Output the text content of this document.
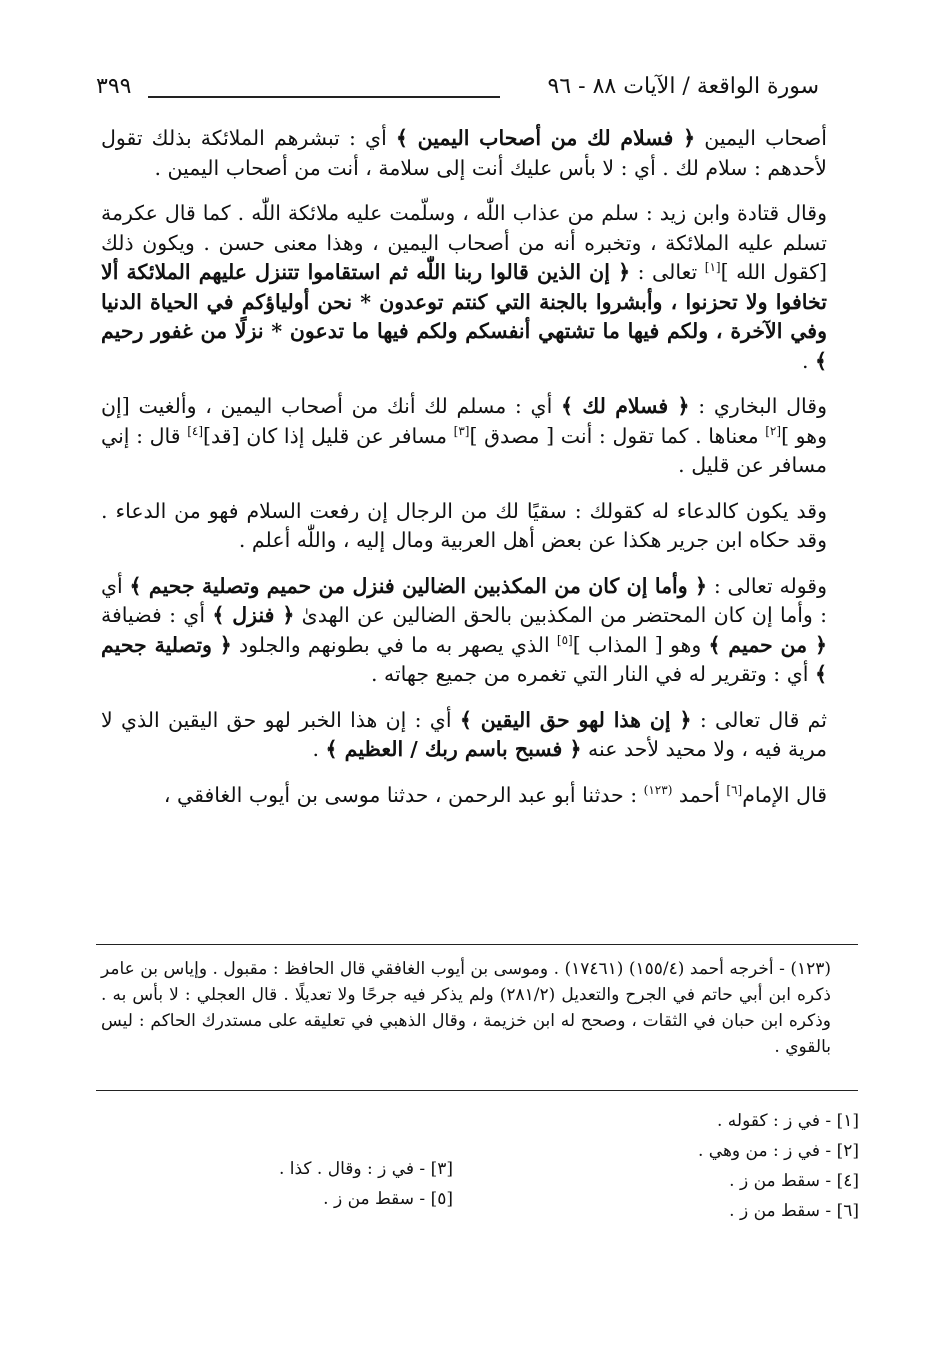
سورة الواقعة / الآيات ٨٨ - ٩٦
٣٩٩

أصحاب اليمين ﴿ فسلام لك من أصحاب اليمين ﴾ أي : تبشرهم الملائكة بذلك تقول لأحدهم : سلام لك . أي : لا بأس عليك أنت إلى سلامة ، أنت من أصحاب اليمين .

وقال قتادة وابن زيد : سلم من عذاب اللّٰه ، وسلّمت عليه ملائكة اللّٰه . كما قال عكرمة تسلم عليه الملائكة ، وتخبره أنه من أصحاب اليمين ، وهذا معنى حسن . ويكون ذلك [كقول الله ][١] تعالى : ﴿ إن الذين قالوا ربنا اللّٰه ثم استقاموا تتنزل عليهم الملائكة ألا تخافوا ولا تحزنوا ، وأبشروا بالجنة التي كنتم توعدون * نحن أولياؤكم في الحياة الدنيا وفي الآخرة ، ولكم فيها ما تشتهي أنفسكم ولكم فيها ما تدعون * نزلًا من غفور رحيم ﴾ .

وقال البخاري : ﴿ فسلام لك ﴾ أي : مسلم لك أنك من أصحاب اليمين ، وألغيت [إن وهو ][٢] معناها . كما تقول : أنت [ مصدق ][٣] مسافر عن قليل إذا كان [قد][٤] قال : إني مسافر عن قليل .

وقد يكون كالدعاء له كقولك : سقيًا لك من الرجال إن رفعت السلام فهو من الدعاء . وقد حكاه ابن جرير هكذا عن بعض أهل العربية ومال إليه ، واللّٰه أعلم .

وقوله تعالى : ﴿ وأما إن كان من المكذبين الضالين فنزل من حميم وتصلية جحيم ﴾ أي : وأما إن كان المحتضر من المكذبين بالحق الضالين عن الهدىٰ ﴿ فنزل ﴾ أي : فضيافة ﴿ من حميم ﴾ وهو [ المذاب ][٥] الذي يصهر به ما في بطونهم والجلود ﴿ وتصلية جحيم ﴾ أي : وتقرير له في النار التي تغمره من جميع جهاته .

ثم قال تعالى : ﴿ إن هذا لهو حق اليقين ﴾ أي : إن هذا الخبر لهو حق اليقين الذي لا مرية فيه ، ولا محيد لأحد عنه ﴿ فسبح باسم ربك / العظيم ﴾ .

قال الإمام[٦] أحمد $^{(١٢٣)}$ : حدثنا أبو عبد الرحمن ، حدثنا موسى بن أيوب الغافقي ،

(١٢٣) - أخرجه أحمد (١٥٥/٤) (١٧٤٦١) . وموسى بن أيوب الغافقي قال الحافظ : مقبول . وإياس بن عامر ذكره ابن أبي حاتم في الجرح والتعديل (٢٨١/٢) ولم يذكر فيه جرحًا ولا تعديلًا . قال العجلي : لا بأس به . وذكره ابن حبان في الثقات ، وصحح له ابن خزيمة ، وقال الذهبي في تعليقه على مستدرك الحاكم : ليس بالقوي .
[١] - في ز : كقوله .
[٢] - في ز : من وهي .
[٤] - سقط من ز .
[٦] - سقط من ز .
[٣] - في ز : وقال . كذا .
[٥] - سقط من ز .
